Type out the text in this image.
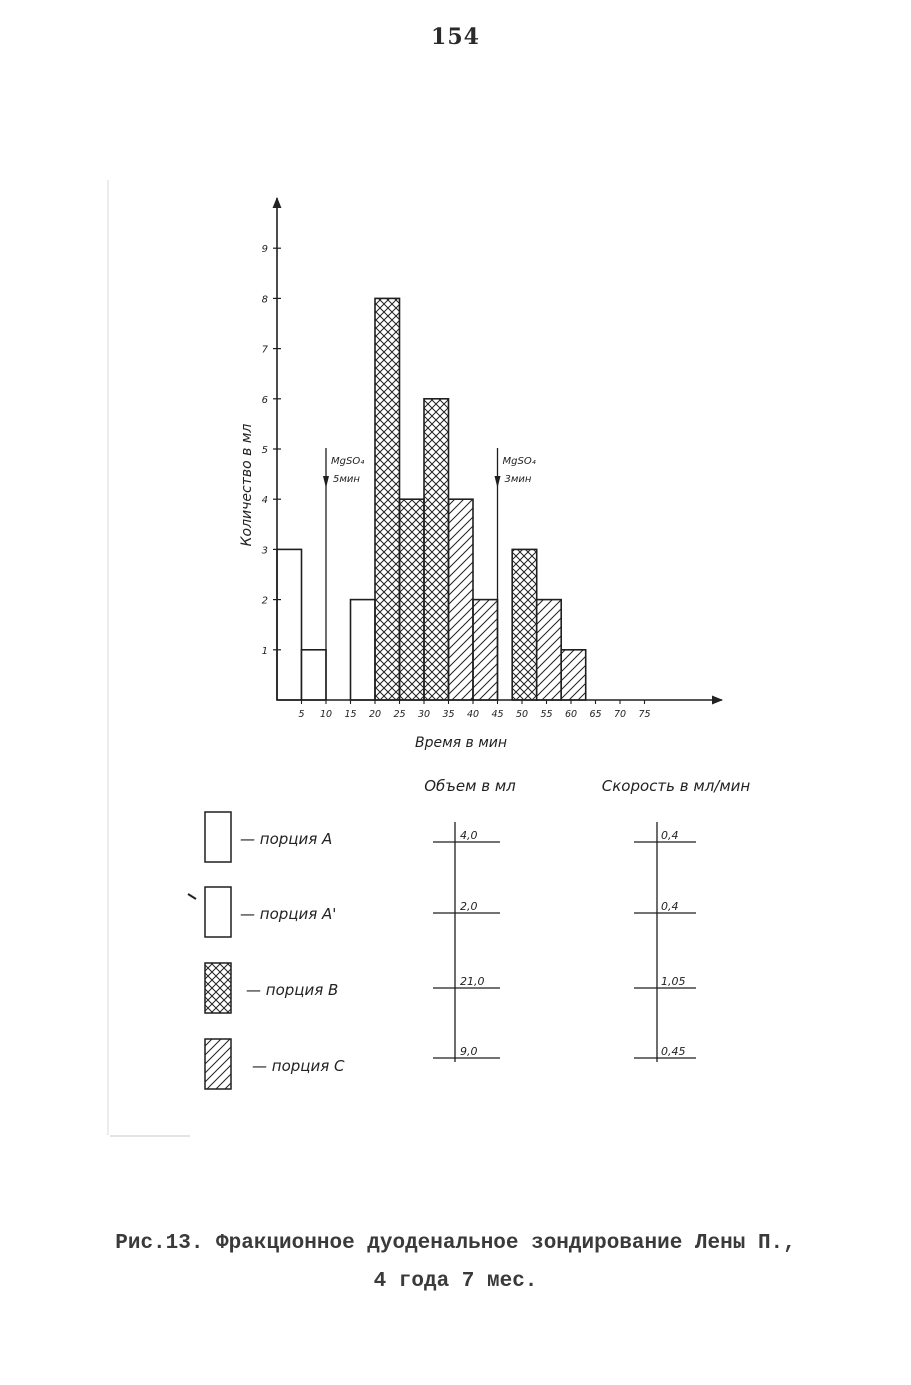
154
1
2
3
4
5
6
7
8
9
5 10 15 20 25 30 35 40 45 50 55 60 65 70 75
Время в мин
Количество в мл	MgSO₄
5мин
MgSO₄
3мин
— порция А
— порция А'
— порция В
— порция С
Объем в мл	Скорость в мл/мин
4,0
2,0
21,0
9,0
0,4
0,4
1,05
0,45
Рис.13. Фракционное дуоденальное зондирование Лены П.,
4 года 7 мес.
